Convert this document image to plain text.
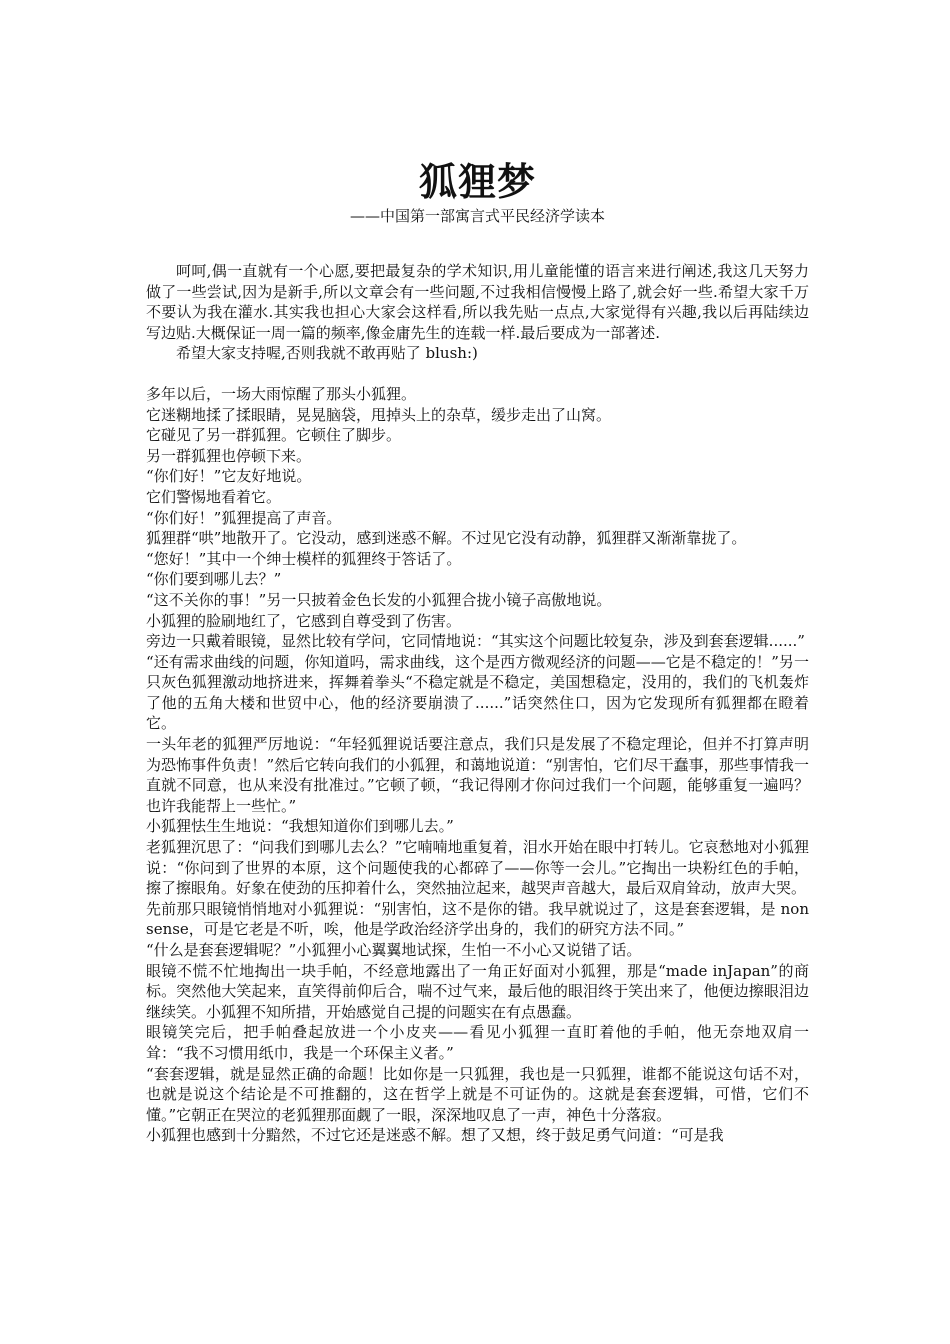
狐狸梦

——中国第一部寓言式平民经济学读本

呵呵,偶一直就有一个心愿,要把最复杂的学术知识,用儿童能懂的语言来进行阐述,我这几天努力做了一些尝试,因为是新手,所以文章会有一些问题,不过我相信慢慢上路了,就会好一些.希望大家千万不要认为我在灌水.其实我也担心大家会这样看,所以我先贴一点点,大家觉得有兴趣,我以后再陆续边写边贴.大概保证一周一篇的频率,像金庸先生的连载一样.最后要成为一部著述.

希望大家支持喔,否则我就不敢再贴了 blush:)

多年以后，一场大雨惊醒了那头小狐狸。

它迷糊地揉了揉眼睛，晃晃脑袋，甩掉头上的杂草，缓步走出了山窝。

它碰见了另一群狐狸。它顿住了脚步。

另一群狐狸也停顿下来。

“你们好！”它友好地说。

它们警惕地看着它。

“你们好！”狐狸提高了声音。

狐狸群“哄”地散开了。它没动，感到迷惑不解。不过见它没有动静，狐狸群又渐渐靠拢了。

“您好！”其中一个绅士模样的狐狸终于答话了。

“你们要到哪儿去？”

“这不关你的事！”另一只披着金色长发的小狐狸合拢小镜子高傲地说。

小狐狸的脸刷地红了，它感到自尊受到了伤害。

旁边一只戴着眼镜，显然比较有学问，它同情地说：“其实这个问题比较复杂，涉及到套套逻辑......”

“还有需求曲线的问题，你知道吗，需求曲线，这个是西方微观经济的问题——它是不稳定的！”另一只灰色狐狸激动地挤进来，挥舞着拳头“不稳定就是不稳定，美国想稳定，没用的，我们的飞机轰炸了他的五角大楼和世贸中心，他的经济要崩溃了......”话突然住口，因为它发现所有狐狸都在瞪着它。

一头年老的狐狸严厉地说：“年轻狐狸说话要注意点，我们只是发展了不稳定理论，但并不打算声明为恐怖事件负责！”然后它转向我们的小狐狸，和蔼地说道：“别害怕，它们尽干蠢事，那些事情我一直就不同意，也从来没有批准过。”它顿了顿，“我记得刚才你问过我们一个问题，能够重复一遍吗？也许我能帮上一些忙。”

小狐狸怯生生地说：“我想知道你们到哪儿去。”

老狐狸沉思了：“问我们到哪儿去么？”它喃喃地重复着，泪水开始在眼中打转儿。它哀愁地对小狐狸说：“你问到了世界的本原，这个问题使我的心都碎了——你等一会儿。”它掏出一块粉红色的手帕，擦了擦眼角。好象在使劲的压抑着什么，突然抽泣起来，越哭声音越大，最后双肩耸动，放声大哭。

先前那只眼镜悄悄地对小狐狸说：“别害怕，这不是你的错。我早就说过了，这是套套逻辑，是 nonsense，可是它老是不听，唉，他是学政治经济学出身的，我们的研究方法不同。”

“什么是套套逻辑呢？”小狐狸小心翼翼地试探，生怕一不小心又说错了话。

眼镜不慌不忙地掏出一块手帕，不经意地露出了一角正好面对小狐狸，那是“made inJapan”的商标。突然他大笑起来，直笑得前仰后合，喘不过气来，最后他的眼泪终于笑出来了，他便边擦眼泪边继续笑。小狐狸不知所措，开始感觉自己提的问题实在有点愚蠢。

眼镜笑完后，把手帕叠起放进一个小皮夹——看见小狐狸一直盯着他的手帕，他无奈地双肩一耸：“我不习惯用纸巾，我是一个环保主义者。”

“套套逻辑，就是显然正确的命题！比如你是一只狐狸，我也是一只狐狸，谁都不能说这句话不对，也就是说这个结论是不可推翻的，这在哲学上就是不可证伪的。这就是套套逻辑，可惜，它们不懂。”它朝正在哭泣的老狐狸那面觑了一眼，深深地叹息了一声，神色十分落寂。

小狐狸也感到十分黯然，不过它还是迷惑不解。想了又想，终于鼓足勇气问道：“可是我
